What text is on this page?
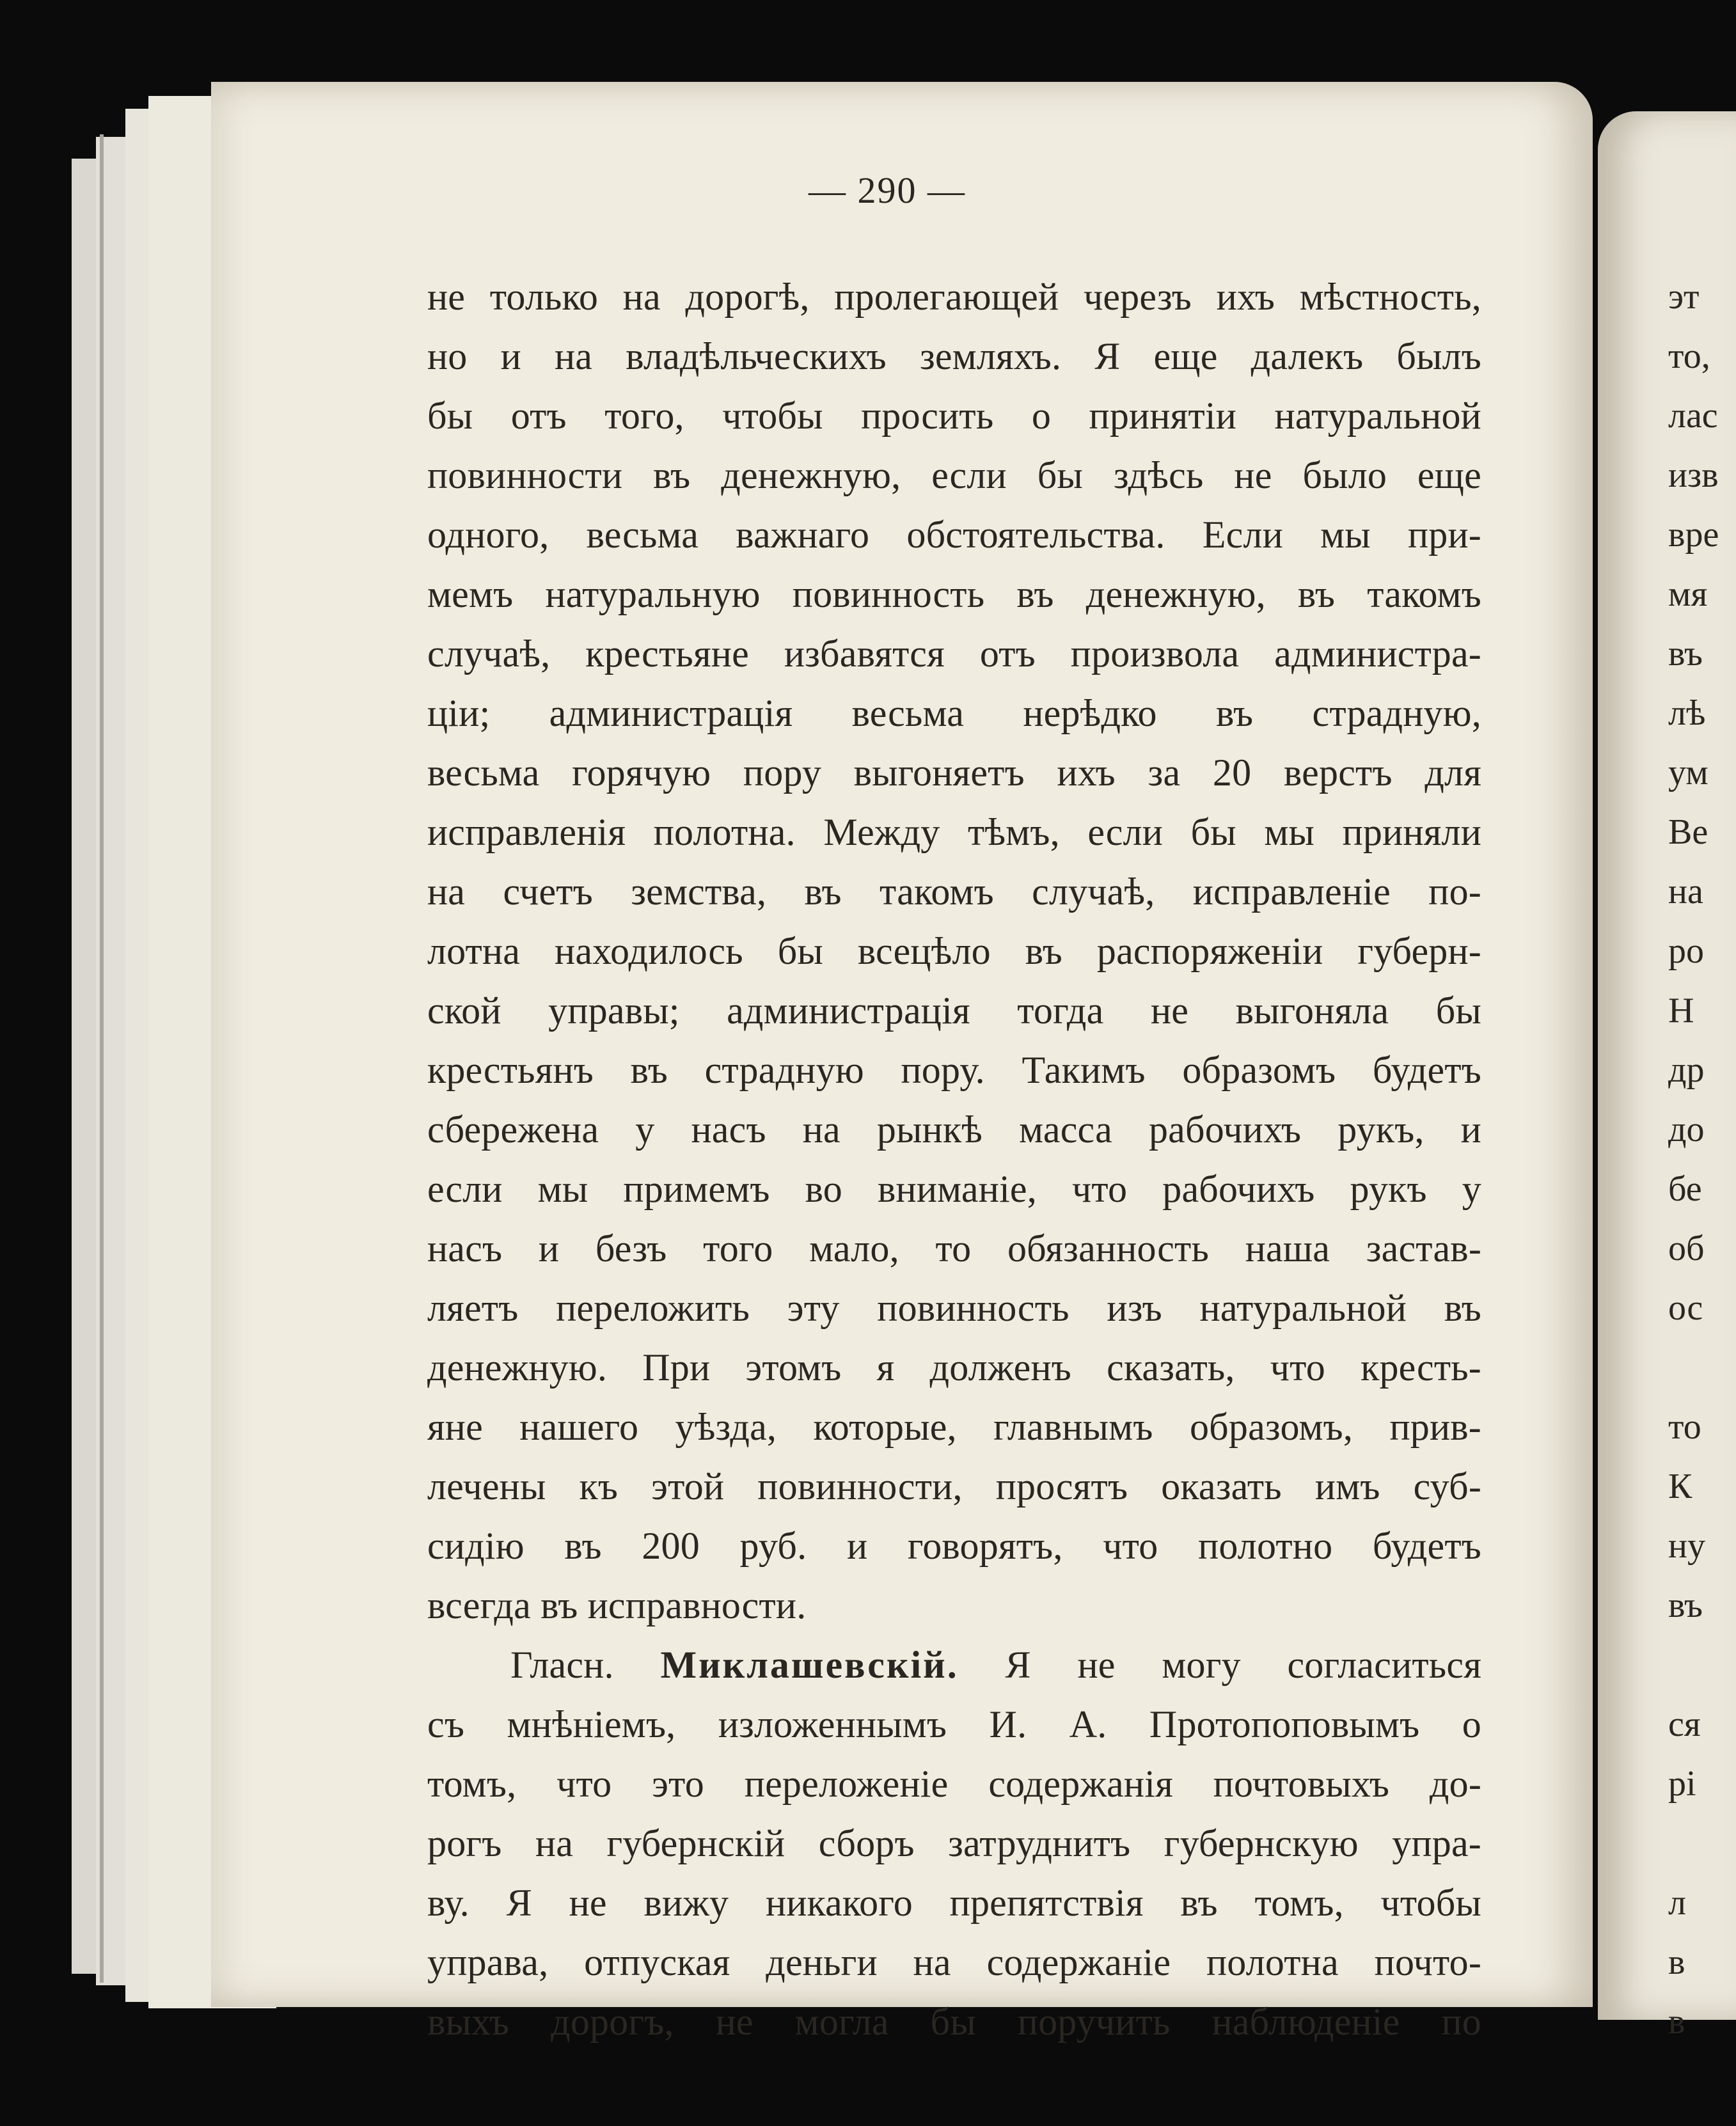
— 290 —
не только на дорогѣ, пролегающей черезъ ихъ мѣстность,
но и на владѣльческихъ земляхъ. Я еще далекъ былъ
бы отъ того, чтобы просить о принятіи натуральной
повинности въ денежную, если бы здѣсь не было еще
одного, весьма важнаго обстоятельства. Если мы при-
мемъ натуральную повинность въ денежную, въ такомъ
случаѣ, крестьяне избавятся отъ произвола администра-
ціи; администрація весьма нерѣдко въ страдную,
весьма горячую пору выгоняетъ ихъ за 20 верстъ для
исправленія полотна. Между тѣмъ, если бы мы приняли
на счетъ земства, въ такомъ случаѣ, исправленіе по-
лотна находилось бы всецѣло въ распоряженіи губерн-
ской управы; администрація тогда не выгоняла бы
крестьянъ въ страдную пору. Такимъ образомъ будетъ
сбережена у насъ на рынкѣ масса рабочихъ рукъ, и
если мы примемъ во вниманіе, что рабочихъ рукъ у
насъ и безъ того мало, то обязанность наша застав-
ляетъ переложить эту повинность изъ натуральной въ
денежную. При этомъ я долженъ сказать, что кресть-
яне нашего уѣзда, которые, главнымъ образомъ, прив-
лечены къ этой повинности, просятъ оказать имъ суб-
сидію въ 200 руб. и говорятъ, что полотно будетъ
всегда въ исправности.
Гласн. Миклашевскій. Я не могу согласиться
съ мнѣніемъ, изложеннымъ И. А. Протопоповымъ о
томъ, что это переложеніе содержанія почтовыхъ до-
рогъ на губернскій сборъ затруднитъ губернскую упра-
ву. Я не вижу никакого препятствія въ томъ, чтобы
управа, отпуская деньги на содержаніе полотна почто-
выхъ дорогъ, не могла бы поручить наблюденіе по
эт
то,
лас
изв
вре
мя
въ
лѣ
ум
Ве
на
ро
Н
др
до
бе
об
ос
то
К
ну
въ
ся
рі
л
в
в
